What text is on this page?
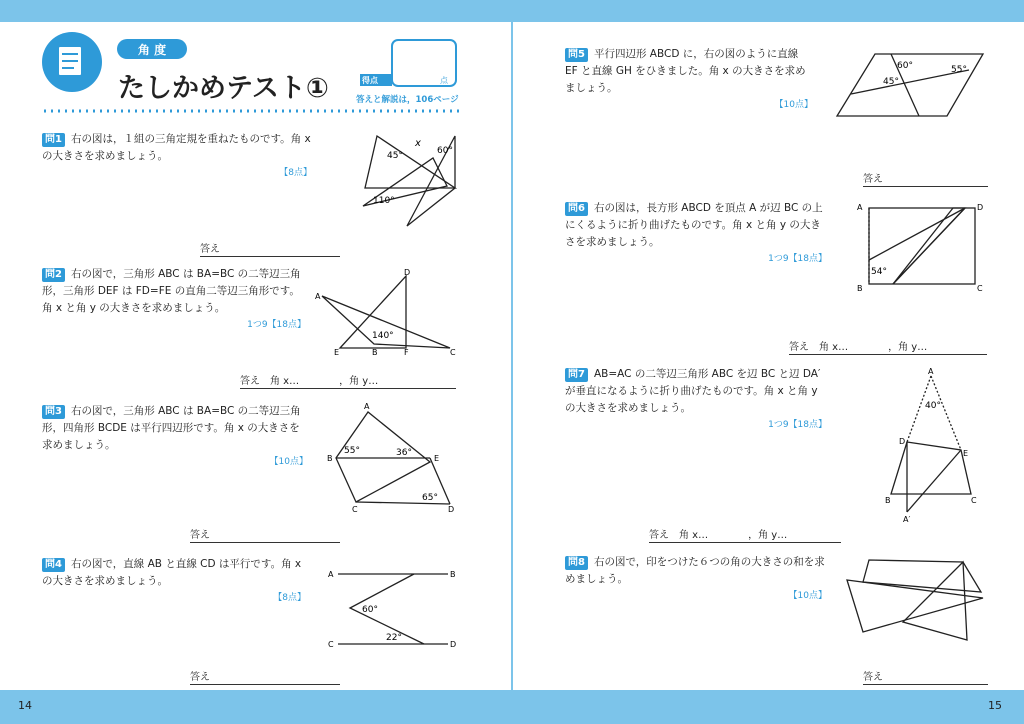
角 度
たしかめテスト①	得点	点
答えと解説は，106ページ
問1 右の図は，１組の三角定規を重ねたものです。角 x の大きさを求めましょう。
【8点】
45°	60°
110°
x
答え
問2 右の図で，三角形 ABC は BA=BC の二等辺三角形，三角形 DEF は FD=FE の直角二等辺三角形です。角 x と角 y の大きさを求めましょう。
1つ9【18点】
A
B	C
D
E	F
140°
答え　角 x…　　　　，角 y…
問3 右の図で，三角形 ABC は BA=BC の二等辺三角形，四角形 BCDE は平行四辺形です。角 x の大きさを求めましょう。
【10点】
A
B
C	D
E
55°	36°
65°
答え
問4 右の図で，直線 AB と直線 CD は平行です。角 x の大きさを求めましょう。
【8点】
A	B
C	D
60°
22°
答え
14
問5 平行四辺形 ABCD に，右の図のように直線 EF と直線 GH をひきました。角 x の大きさを求めましょう。
【10点】
45°
60°	55°
答え
問6 右の図は，長方形 ABCD を頂点 A が辺 BC の上にくるように折り曲げたものです。角 x と角 y の大きさを求めましょう。
1つ9【18点】
A	D
B	C
54°
答え　角 x…　　　　，角 y…
問7 AB=AC の二等辺三角形 ABC を辺 BC と辺 DA′ が垂直になるように折り曲げたものです。角 x と角 y の大きさを求めましょう。
1つ9【18点】
A
D
E
B	C
A′
40°
答え　角 x…　　　　，角 y…
問8 右の図で，印をつけた６つの角の大きさの和を求めましょう。
【10点】
答え
15
